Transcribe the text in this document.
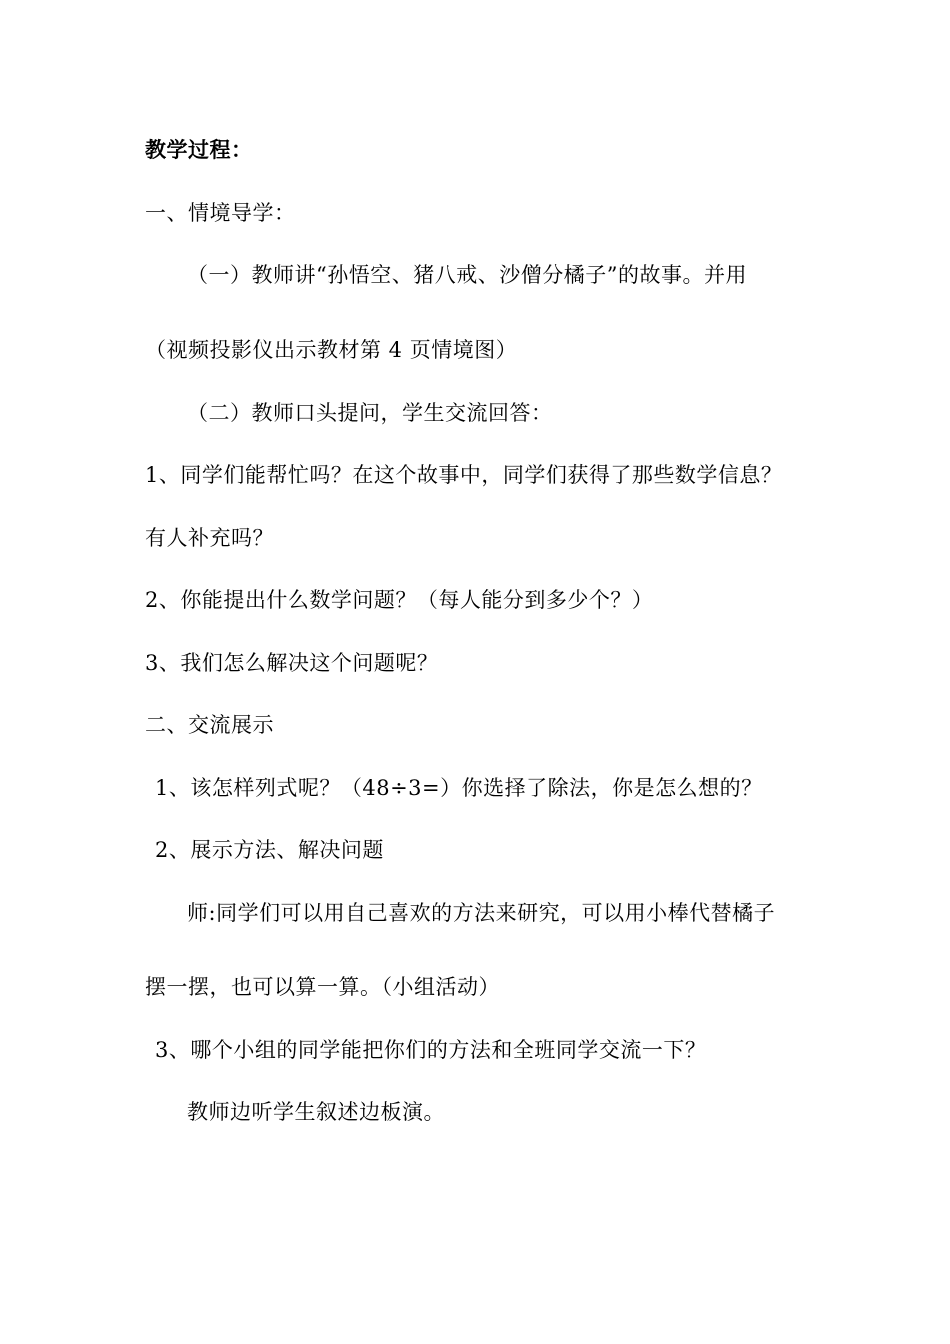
教学过程：
一、情境导学：
（一）教师讲“孙悟空、猪八戒、沙僧分橘子”的故事。并用
（视频投影仪出示教材第 4 页情境图）
（二）教师口头提问，学生交流回答：
1、同学们能帮忙吗？在这个故事中，同学们获得了那些数学信息？
有人补充吗？
2、你能提出什么数学问题？（每人能分到多少个？）
3、我们怎么解决这个问题呢？
二、交流展示
1、该怎样列式呢？（48÷3=）你选择了除法，你是怎么想的？
2、展示方法、解决问题
师:同学们可以用自己喜欢的方法来研究，可以用小棒代替橘子
摆一摆，也可以算一算。（小组活动）
3、哪个小组的同学能把你们的方法和全班同学交流一下？
教师边听学生叙述边板演。
